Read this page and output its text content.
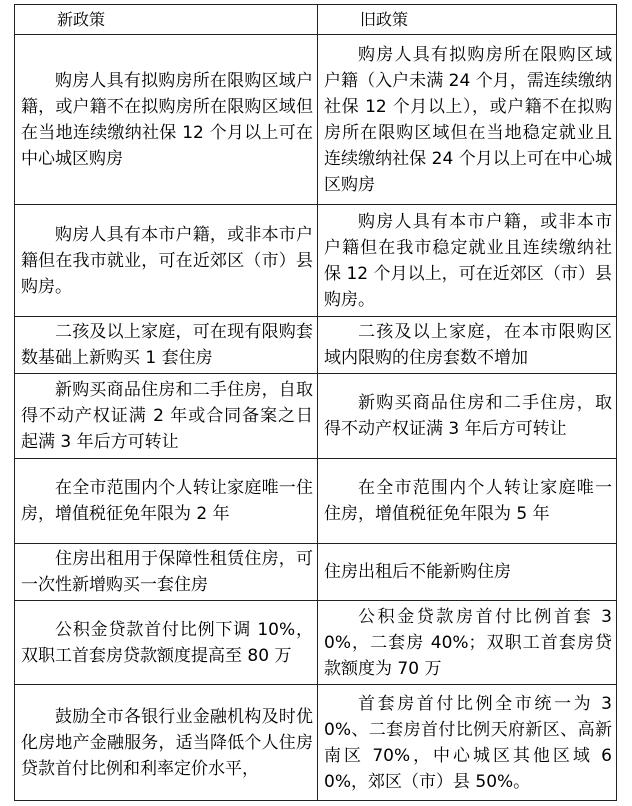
新政策	旧政策
购房人具有拟购房所在限购区域户籍，或户籍不在拟购房所在限购区域但在当地连续缴纳社保 12 个月以上可在中心城区购房	购房人具有拟购房所在限购区域户籍（入户未满 24 个月，需连续缴纳社保 12 个月以上），或户籍不在拟购房所在限购区域但在当地稳定就业且连续缴纳社保 24 个月以上可在中心城区购房
购房人具有本市户籍，或非本市户籍但在我市就业，可在近郊区（市）县购房。	购房人具有本市户籍，或非本市户籍但在我市稳定就业且连续缴纳社保 12 个月以上，可在近郊区（市）县购房。
二孩及以上家庭，可在现有限购套数基础上新购买 1 套住房	二孩及以上家庭，在本市限购区域内限购的住房套数不增加
新购买商品住房和二手住房，自取得不动产权证满 2 年或合同备案之日起满 3 年后方可转让	新购买商品住房和二手住房，取得不动产权证满 3 年后方可转让
在全市范围内个人转让家庭唯一住房，增值税征免年限为 2 年	在全市范围内个人转让家庭唯一住房，增值税征免年限为 5 年
住房出租用于保障性租赁住房，可一次性新增购买一套住房	住房出租后不能新购住房
公积金贷款首付比例下调 10%，双职工首套房贷款额度提高至 80 万	公积金贷款房首付比例首套 30%，二套房 40%；双职工首套房贷款额度为 70 万
鼓励全市各银行业金融机构及时优化房地产金融服务，适当降低个人住房贷款首付比例和利率定价水平，	首套房首付比例全市统一为 30%、二套房首付比例天府新区、高新南区 70%，中心城区其他区域 60%，郊区（市）县 50%。
